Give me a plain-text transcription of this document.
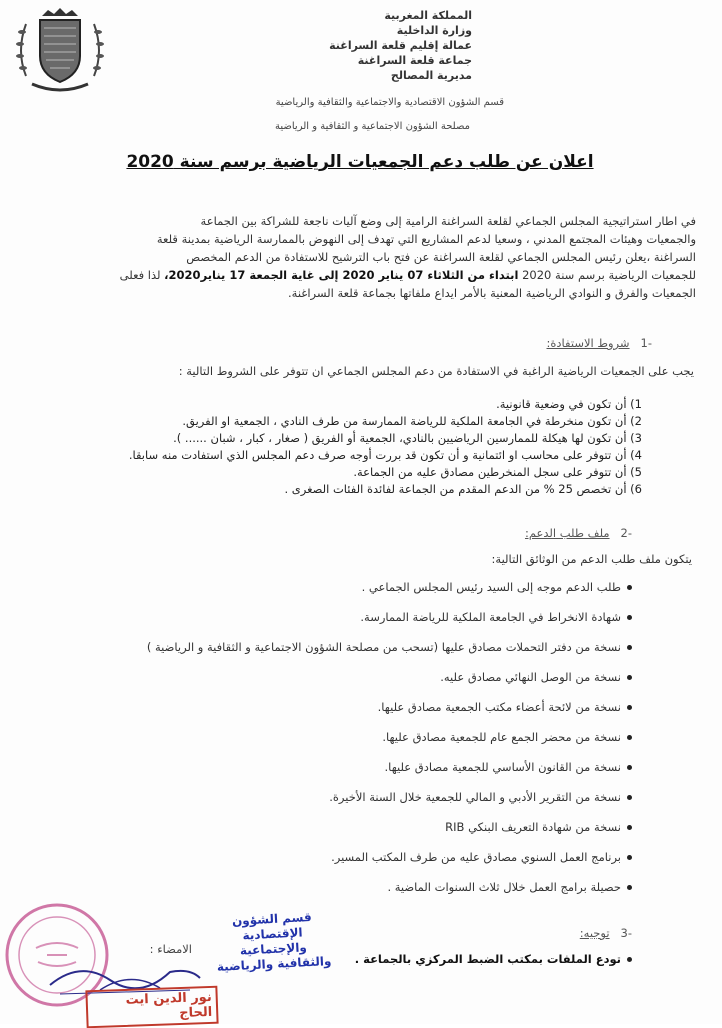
المملكة المغربية
وزارة الداخلية
عمالة إقليم قلعة السراغنة
جماعة قلعة السراغنة
مديرية المصالح
قسم الشؤون الاقتصادية والاجتماعية والثقافية والرياضية
مصلحة الشؤون الاجتماعية و الثقافية و الرياضية
اعلان عن طلب دعم الجمعيات الرياضية برسم سنة 2020
في اطار استراتيجية المجلس الجماعي لقلعة السراغنة الرامية إلى وضع آليات ناجعة للشراكة بين الجماعة
والجمعيات وهيئات المجتمع المدني ، وسعيا لدعم المشاريع التي تهدف إلى النهوض بالممارسة الرياضية بمدينة قلعة
السراغنة ،يعلن رئيس المجلس الجماعي لقلعة السراغنة عن فتح باب الترشيح للاستفادة من الدعم المخصص
للجمعيات الرياضية برسم سنة 2020 ابتداء من الثلاثاء 07 يناير 2020 إلى غاية الجمعة 17 يناير2020، لذا فعلى
الجمعيات والفرق و النوادي الرياضية المعنية بالأمر ايداع ملفاتها بجماعة قلعة السراغنة.
-1   شروط الاستفادة:
يجب على الجمعيات الرياضية الراغبة في الاستفادة من دعم المجلس الجماعي ان تتوفر على الشروط التالية :
1) أن تكون في وضعية قانونية.
2) أن تكون منخرطة في الجامعة الملكية للرياضة الممارسة من طرف النادي ، الجمعية او الفريق.
3) أن تكون لها هيكلة للممارسين الرياضيين بالنادي، الجمعية أو الفريق ( صغار ، كبار ، شبان ...... ).
4) أن تتوفر على محاسب او ائتمانية و أن تكون قد بررت أوجه صرف دعم المجلس الذي استفادت منه سابقا.
5) أن تتوفر على سجل المنخرطين مصادق عليه من الجماعة.
6) أن تخصص 25 % من الدعم المقدم من الجماعة لفائدة الفئات الصغرى .
-2   ملف طلب الدعم:
يتكون ملف طلب الدعم من الوثائق التالية:
طلب الدعم موجه إلى السيد رئيس المجلس الجماعي .
شهادة الانخراط في الجامعة الملكية للرياضة الممارسة.
نسخة من دفتر التحملات مصادق عليها (تسحب من مصلحة الشؤون الاجتماعية و الثقافية و الرياضية )
نسخة من الوصل النهائي مصادق عليه.
نسخة من لائحة أعضاء مكتب الجمعية مصادق عليها.
نسخة من محضر الجمع عام للجمعية مصادق عليها.
نسخة من القانون الأساسي للجمعية مصادق عليها.
نسخة من التقرير الأدبي و المالي للجمعية خلال السنة الأخيرة.
نسخة من شهادة التعريف البنكي RIB
برنامج العمل السنوي مصادق عليه من طرف المكتب المسير.
حصيلة برامج العمل خلال ثلاث السنوات الماضية .
-3   توجيه:
تودع الملفات بمكتب الضبط المركزي بالجماعة .
قسم الشؤون
الإقتصادية والإجتماعية
والثقافية والرياضية
الامضاء :
نور الدين ايت الحاج
